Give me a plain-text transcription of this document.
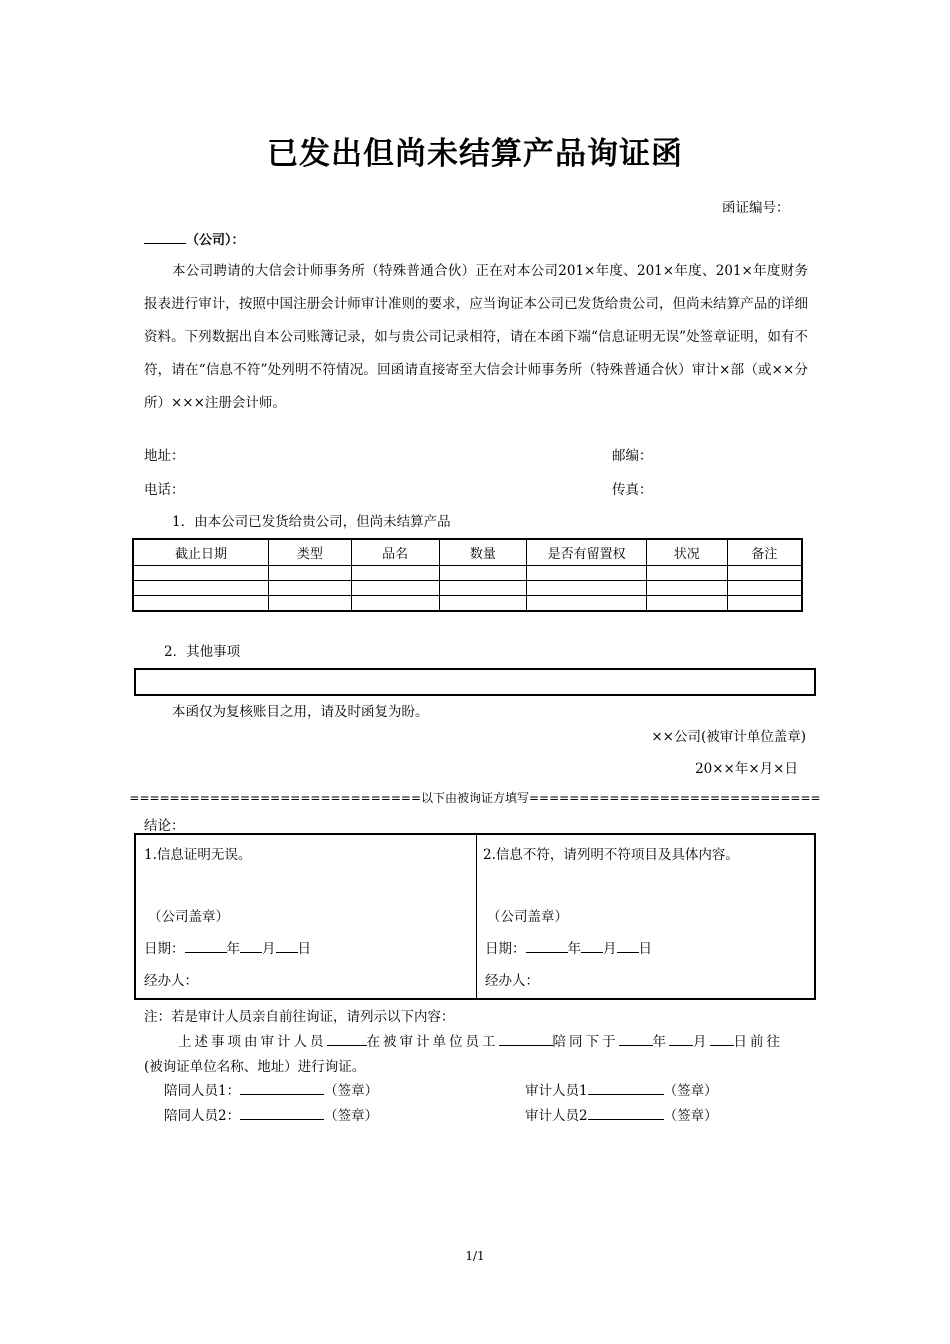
已发出但尚未结算产品询证函
函证编号：
（公司）：
本公司聘请的大信会计师事务所（特殊普通合伙）正在对本公司201×年度、201×年度、201×年度财务报表进行审计，按照中国注册会计师审计准则的要求，应当询证本公司已发货给贵公司，但尚未结算产品的详细资料。下列数据出自本公司账簿记录，如与贵公司记录相符，请在本函下端“信息证明无误”处签章证明，如有不符，请在“信息不符”处列明不符情况。回函请直接寄至大信会计师事务所（特殊普通合伙）审计×部（或××分所）×××注册会计师。
地址：	邮编：
电话：	传真：
1．由本公司已发货给贵公司，但尚未结算产品
截止日期	类型	品名	数量	是否有留置权	状况	备注

2．其他事项
本函仅为复核账目之用，请及时函复为盼。
××公司(被审计单位盖章)
20××年×月×日
=============================以下由被询证方填写=============================
结论：
1.信息证明无误。
（公司盖章）
日期：	年 月 日
经办人：
2.信息不符，请列明不符项目及具体内容。
（公司盖章）
日期：	年 月 日
经办人：
注：若是审计人员亲自前往询证，请列示以下内容：
上述事项由审计人员	在被审计单位员工	陪同下于	年 月 日前往
(被询证单位名称、地址）进行询证。
陪同人员1：	（签章）	审计人员1	（签章）
陪同人员2：	（签章）	审计人员2	（签章）
1/1
